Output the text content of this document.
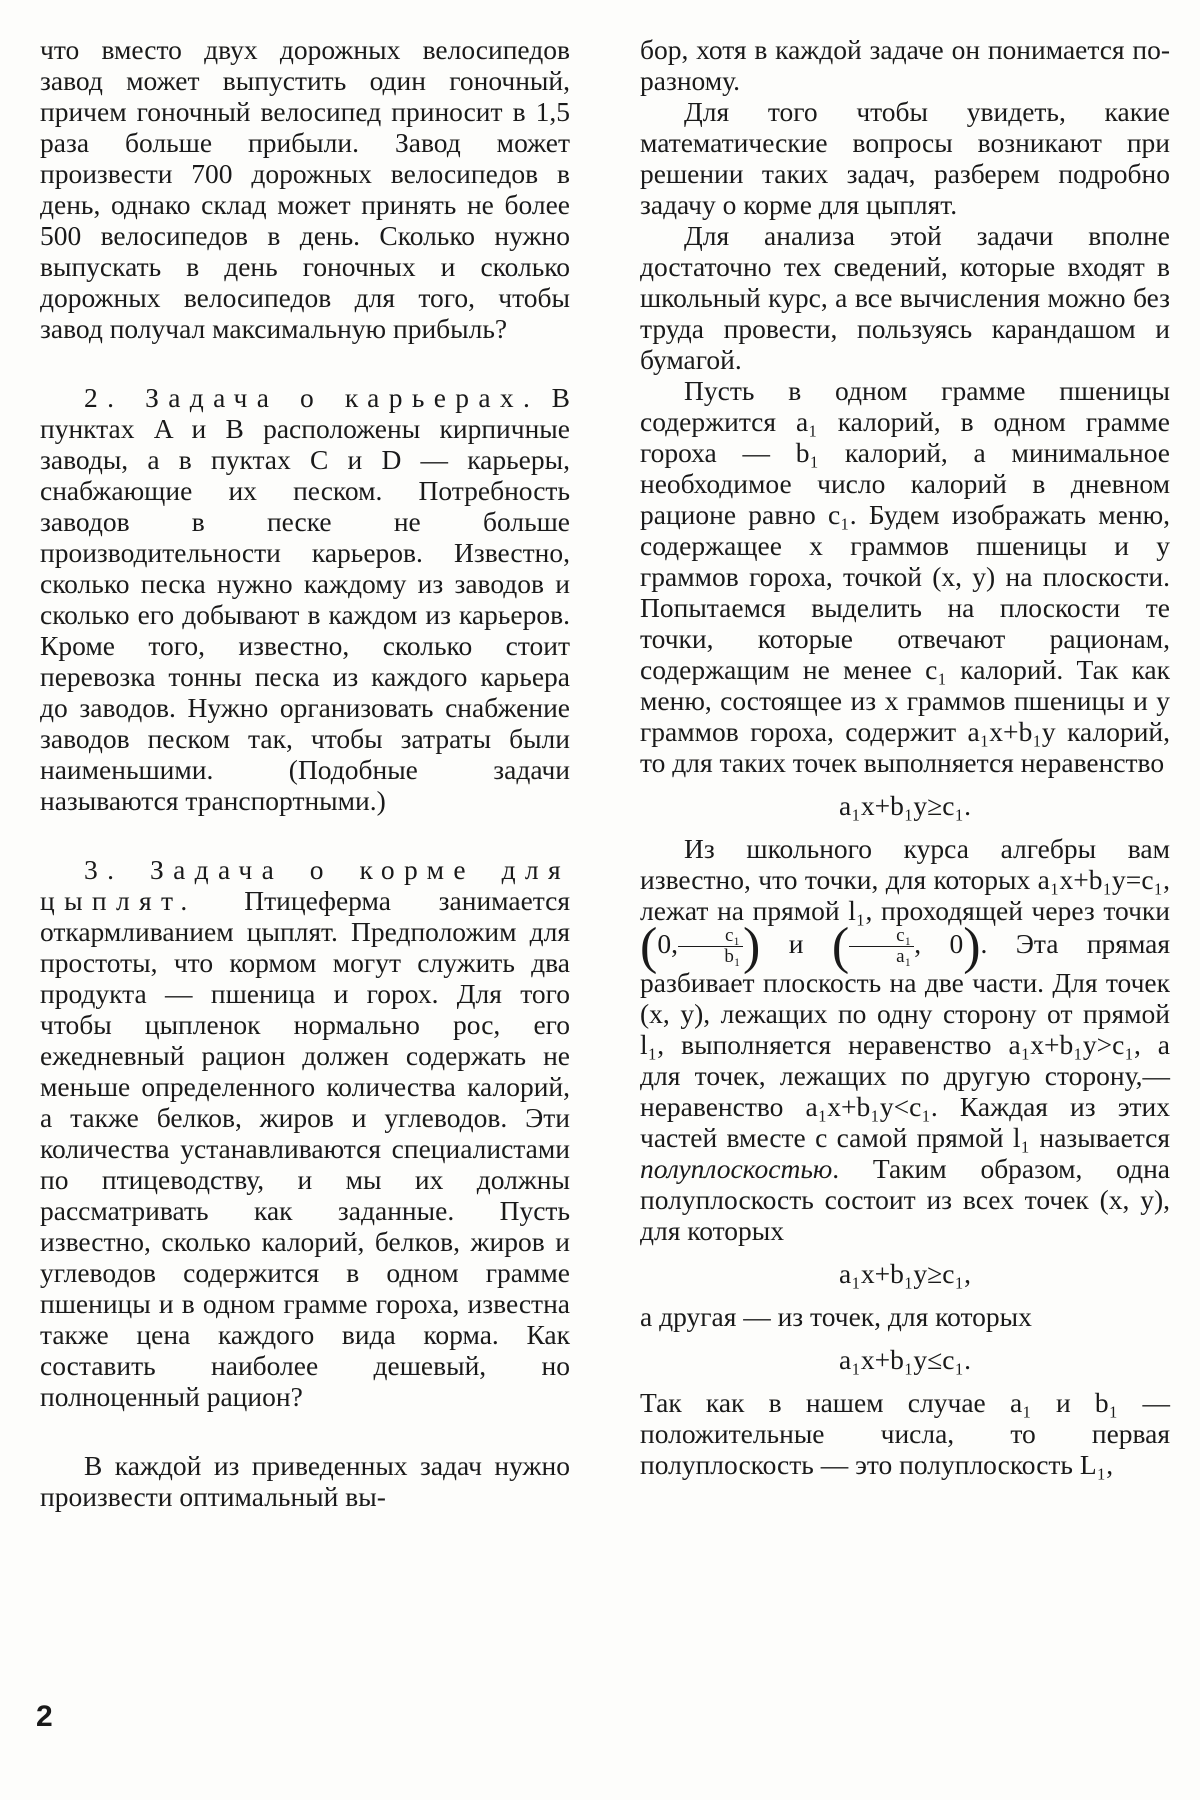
что вместо двух дорожных велосипедов завод может выпустить один гоночный, причем гоночный велосипед приносит в 1,5 раза больше прибыли. Завод может произвести 700 дорожных велосипедов в день, однако склад может принять не более 500 велосипедов в день. Сколько нужно выпускать в день гоночных и сколько дорожных велосипедов для того, чтобы завод получал максимальную прибыль?

2. Задача о карьерах. В пунктах A и B расположены кирпичные заводы, а в пуктах C и D — карьеры, снабжающие их песком. Потребность заводов в песке не больше производительности карьеров. Известно, сколько песка нужно каждому из заводов и сколько его добывают в каждом из карьеров. Кроме того, известно, сколько стоит перевозка тонны песка из каждого карьера до заводов. Нужно организовать снабжение заводов песком так, чтобы затраты были наименьшими. (Подобные задачи называются транспортными.)

3. Задача о корме для цыплят. Птицеферма занимается откармливанием цыплят. Предположим для простоты, что кормом могут служить два продукта — пшеница и горох. Для того чтобы цыпленок нормально рос, его ежедневный рацион должен содержать не меньше определенного количества калорий, а также белков, жиров и углеводов. Эти количества устанавливаются специалистами по птицеводству, и мы их должны рассматривать как заданные. Пусть известно, сколько калорий, белков, жиров и углеводов содержится в одном грамме пшеницы и в одном грамме гороха, известна также цена каждого вида корма. Как составить наиболее дешевый, но полноценный рацион?

В каждой из приведенных задач нужно произвести оптимальный вы-

бор, хотя в каждой задаче он понимается по-разному.

Для того чтобы увидеть, какие математические вопросы возникают при решении таких задач, разберем подробно задачу о корме для цыплят.

Для анализа этой задачи вполне достаточно тех сведений, которые входят в школьный курс, а все вычисления можно без труда провести, пользуясь карандашом и бумагой.

Пусть в одном грамме пшеницы содержится a₁ калорий, в одном грамме гороха — b₁ калорий, а минимальное необходимое число калорий в дневном рационе равно c₁. Будем изображать меню, содержащее x граммов пшеницы и y граммов гороха, точкой (x, y) на плоскости. Попытаемся выделить на плоскости те точки, которые отвечают рационам, содержащим не менее c₁ калорий. Так как меню, состоящее из x граммов пшеницы и y граммов гороха, содержит a₁x+b₁y калорий, то для таких точек выполняется неравенство

a₁x+b₁y≥c₁.

Из школьного курса алгебры вам известно, что точки, для которых a₁x+b₁y=c₁, лежат на прямой l₁, проходящей через точки (0, $\frac{\text{c₁}}{\text{b₁}}$ ) и ( $\frac{\text{c₁}}{\text{a₁}}$ , 0). Эта прямая разбивает плоскость на две части. Для точек (x, y), лежащих по одну сторону от прямой l₁, выполняется неравенство a₁x+b₁y>c₁, а для точек, лежащих по другую сторону,— неравенство a₁x+b₁y<c₁. Каждая из этих частей вместе с самой прямой l₁ называется полуплоскостью. Таким образом, одна полуплоскость состоит из всех точек (x, y), для которых

a₁x+b₁y≥c₁,

а другая — из точек, для которых

a₁x+b₁y≤c₁.

Так как в нашем случае a₁ и b₁ — положительные числа, то первая полуплоскость — это полуплоскость L₁,

2
